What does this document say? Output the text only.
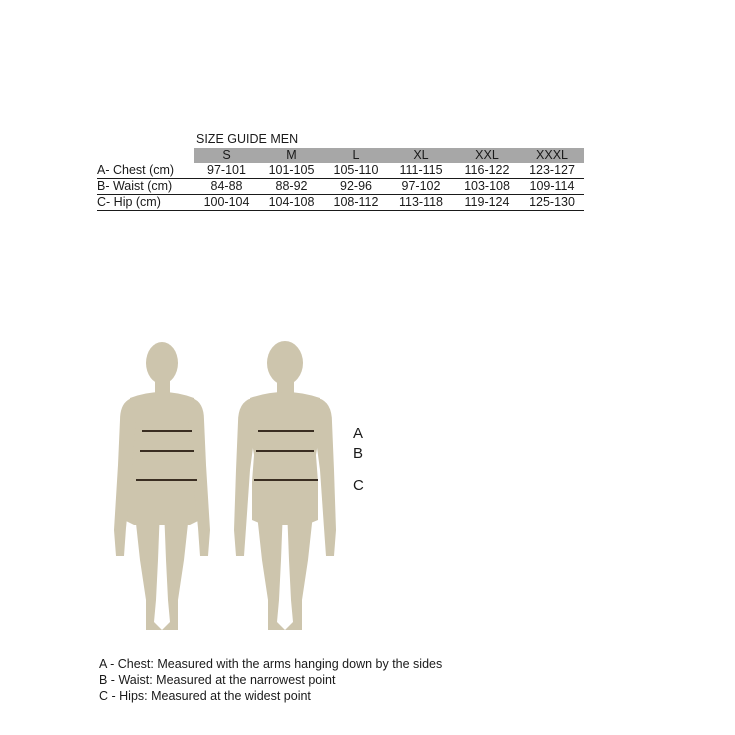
SIZE GUIDE MEN
	S	M	L	XL	XXL	XXXL
A- Chest (cm)	97-101	101-105	105-110	111-115	116-122	123-127
B- Waist (cm)	84-88	88-92	92-96	97-102	103-108	109-114
C- Hip (cm)	100-104	104-108	108-112	113-118	119-124	125-130
A
B
C
A - Chest: Measured with the arms hanging down by the sides
B - Waist: Measured at the narrowest point
C - Hips: Measured at the widest point
